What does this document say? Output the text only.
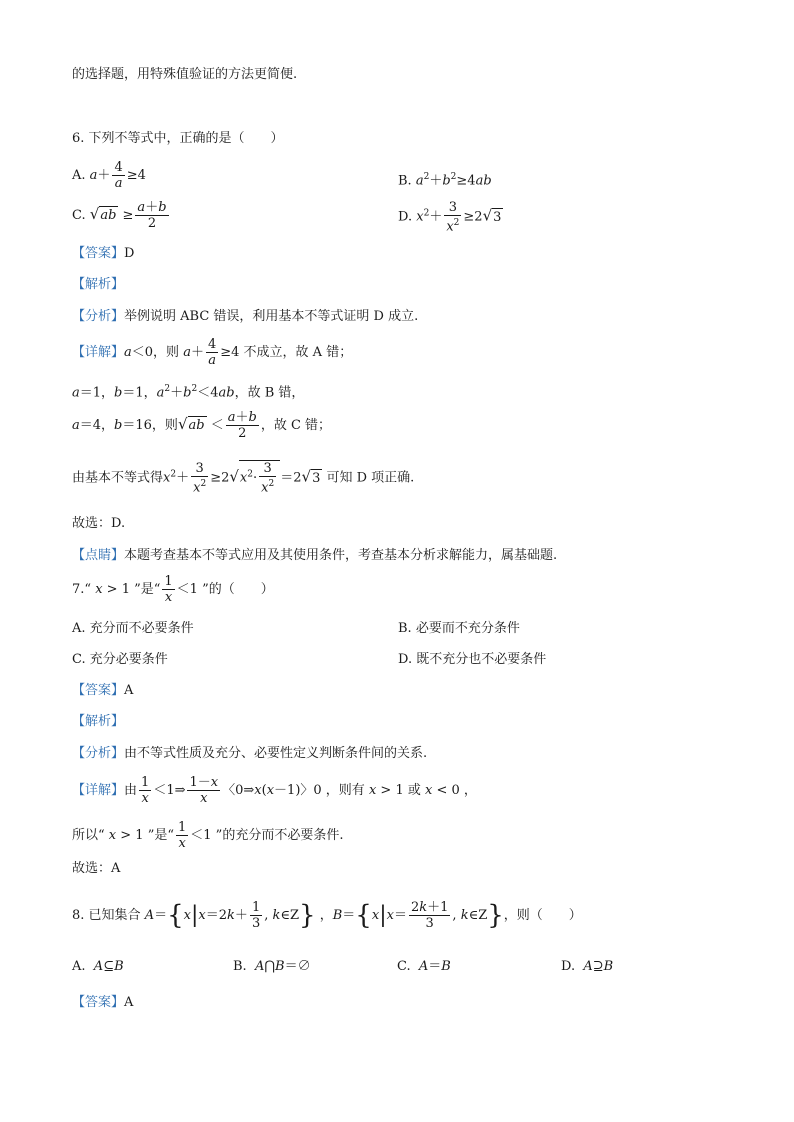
的选择题，用特殊值验证的方法更简便.
6. 下列不等式中，正确的是（　　）
A. $a+ \frac{4}{a} \ge 4$	B. $a^2+b^2\ge 4ab$
C. $√ab \ge \frac{a+b}{2}$	D. $x^2+ \frac{3}{x^2} \ge 2√3$
【答案】D
【解析】
【分析】举例说明 ABC 错误，利用基本不等式证明 D 成立.
【详解】a＜0，则 $a+ \frac{4}{a} \ge 4$ 不成立，故 A 错；
a＝1，b＝1，$a^2+b^2<4ab$，故 B 错，
a＝4，b＝16，则$√ab < \frac{a+b}{2}$ ，故 C 错；
由基本不等式得$x^2+ \frac{3}{x^2} \ge 2√x^2\cdot \frac{3}{x^2} =2√3$ 可知 D 项正确.
故选：D.
【点睛】本题考查基本不等式应用及其使用条件，考查基本分析求解能力，属基础题.
7.“ x > 1 ”是“ $\frac{1}{x} <1$ ”的（　　）
A. 充分而不必要条件	B. 必要而不充分条件
C. 充分必要条件	D. 既不充分也不必要条件
【答案】A
【解析】
【分析】由不等式性质及充分、必要性定义判断条件间的关系.
【详解】由 $\frac{1}{x}$ ＜1⇒ $\frac{1-x}{x}$ 〈0⇒x(x－1)〉0 ，则有 x > 1 或 x < 0 ，
所以“ x > 1 ”是“ $\frac{1}{x} <1$ ”的充分而不必要条件.
故选：A
8. 已知集合 $A=\{x|x=2k+ \frac{1}{3}$ , k∈Z} ，$B=\{x|x= \frac{2k+1}{3}$ , k∈Z}，则（　　）
A. A⊆B	B. A⋂B＝∅	C. A＝B	D. A⊇B
【答案】A
